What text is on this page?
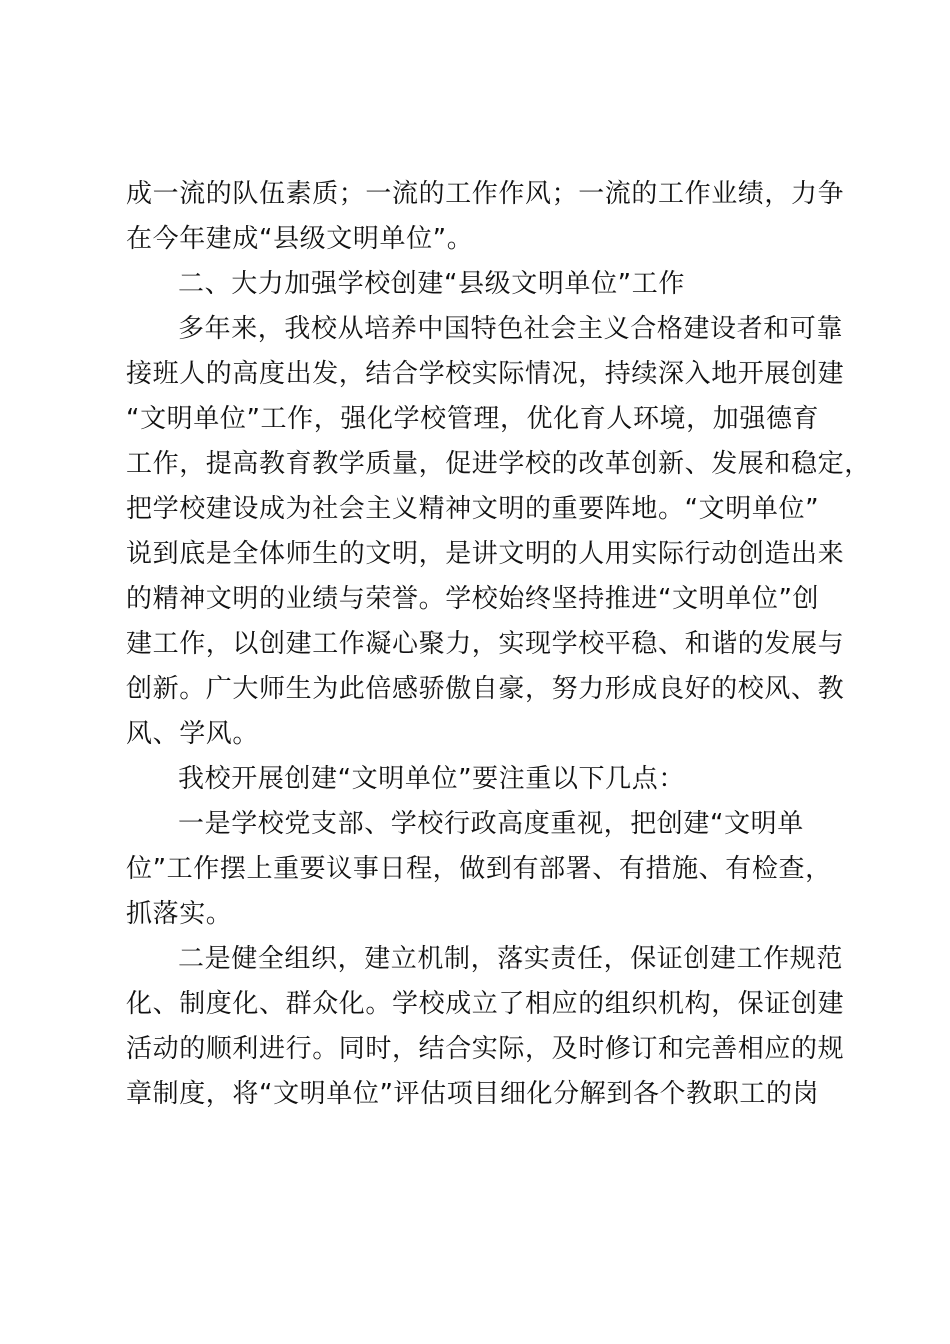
成一流的队伍素质；一流的工作作风；一流的工作业绩，力争
在今年建成“县级文明单位”。
二、大力加强学校创建“县级文明单位”工作
多年来，我校从培养中国特色社会主义合格建设者和可靠
接班人的高度出发，结合学校实际情况，持续深入地开展创建
“文明单位”工作，强化学校管理，优化育人环境，加强德育
工作，提高教育教学质量，促进学校的改革创新、发展和稳定，
把学校建设成为社会主义精神文明的重要阵地。“文明单位”
说到底是全体师生的文明，是讲文明的人用实际行动创造出来
的精神文明的业绩与荣誉。学校始终坚持推进“文明单位”创
建工作，以创建工作凝心聚力，实现学校平稳、和谐的发展与
创新。广大师生为此倍感骄傲自豪，努力形成良好的校风、教
风、学风。
我校开展创建“文明单位”要注重以下几点：
一是学校党支部、学校行政高度重视，把创建“文明单
位”工作摆上重要议事日程，做到有部署、有措施、有检查，
抓落实。
二是健全组织，建立机制，落实责任，保证创建工作规范
化、制度化、群众化。学校成立了相应的组织机构，保证创建
活动的顺利进行。同时，结合实际，及时修订和完善相应的规
章制度，将“文明单位”评估项目细化分解到各个教职工的岗
